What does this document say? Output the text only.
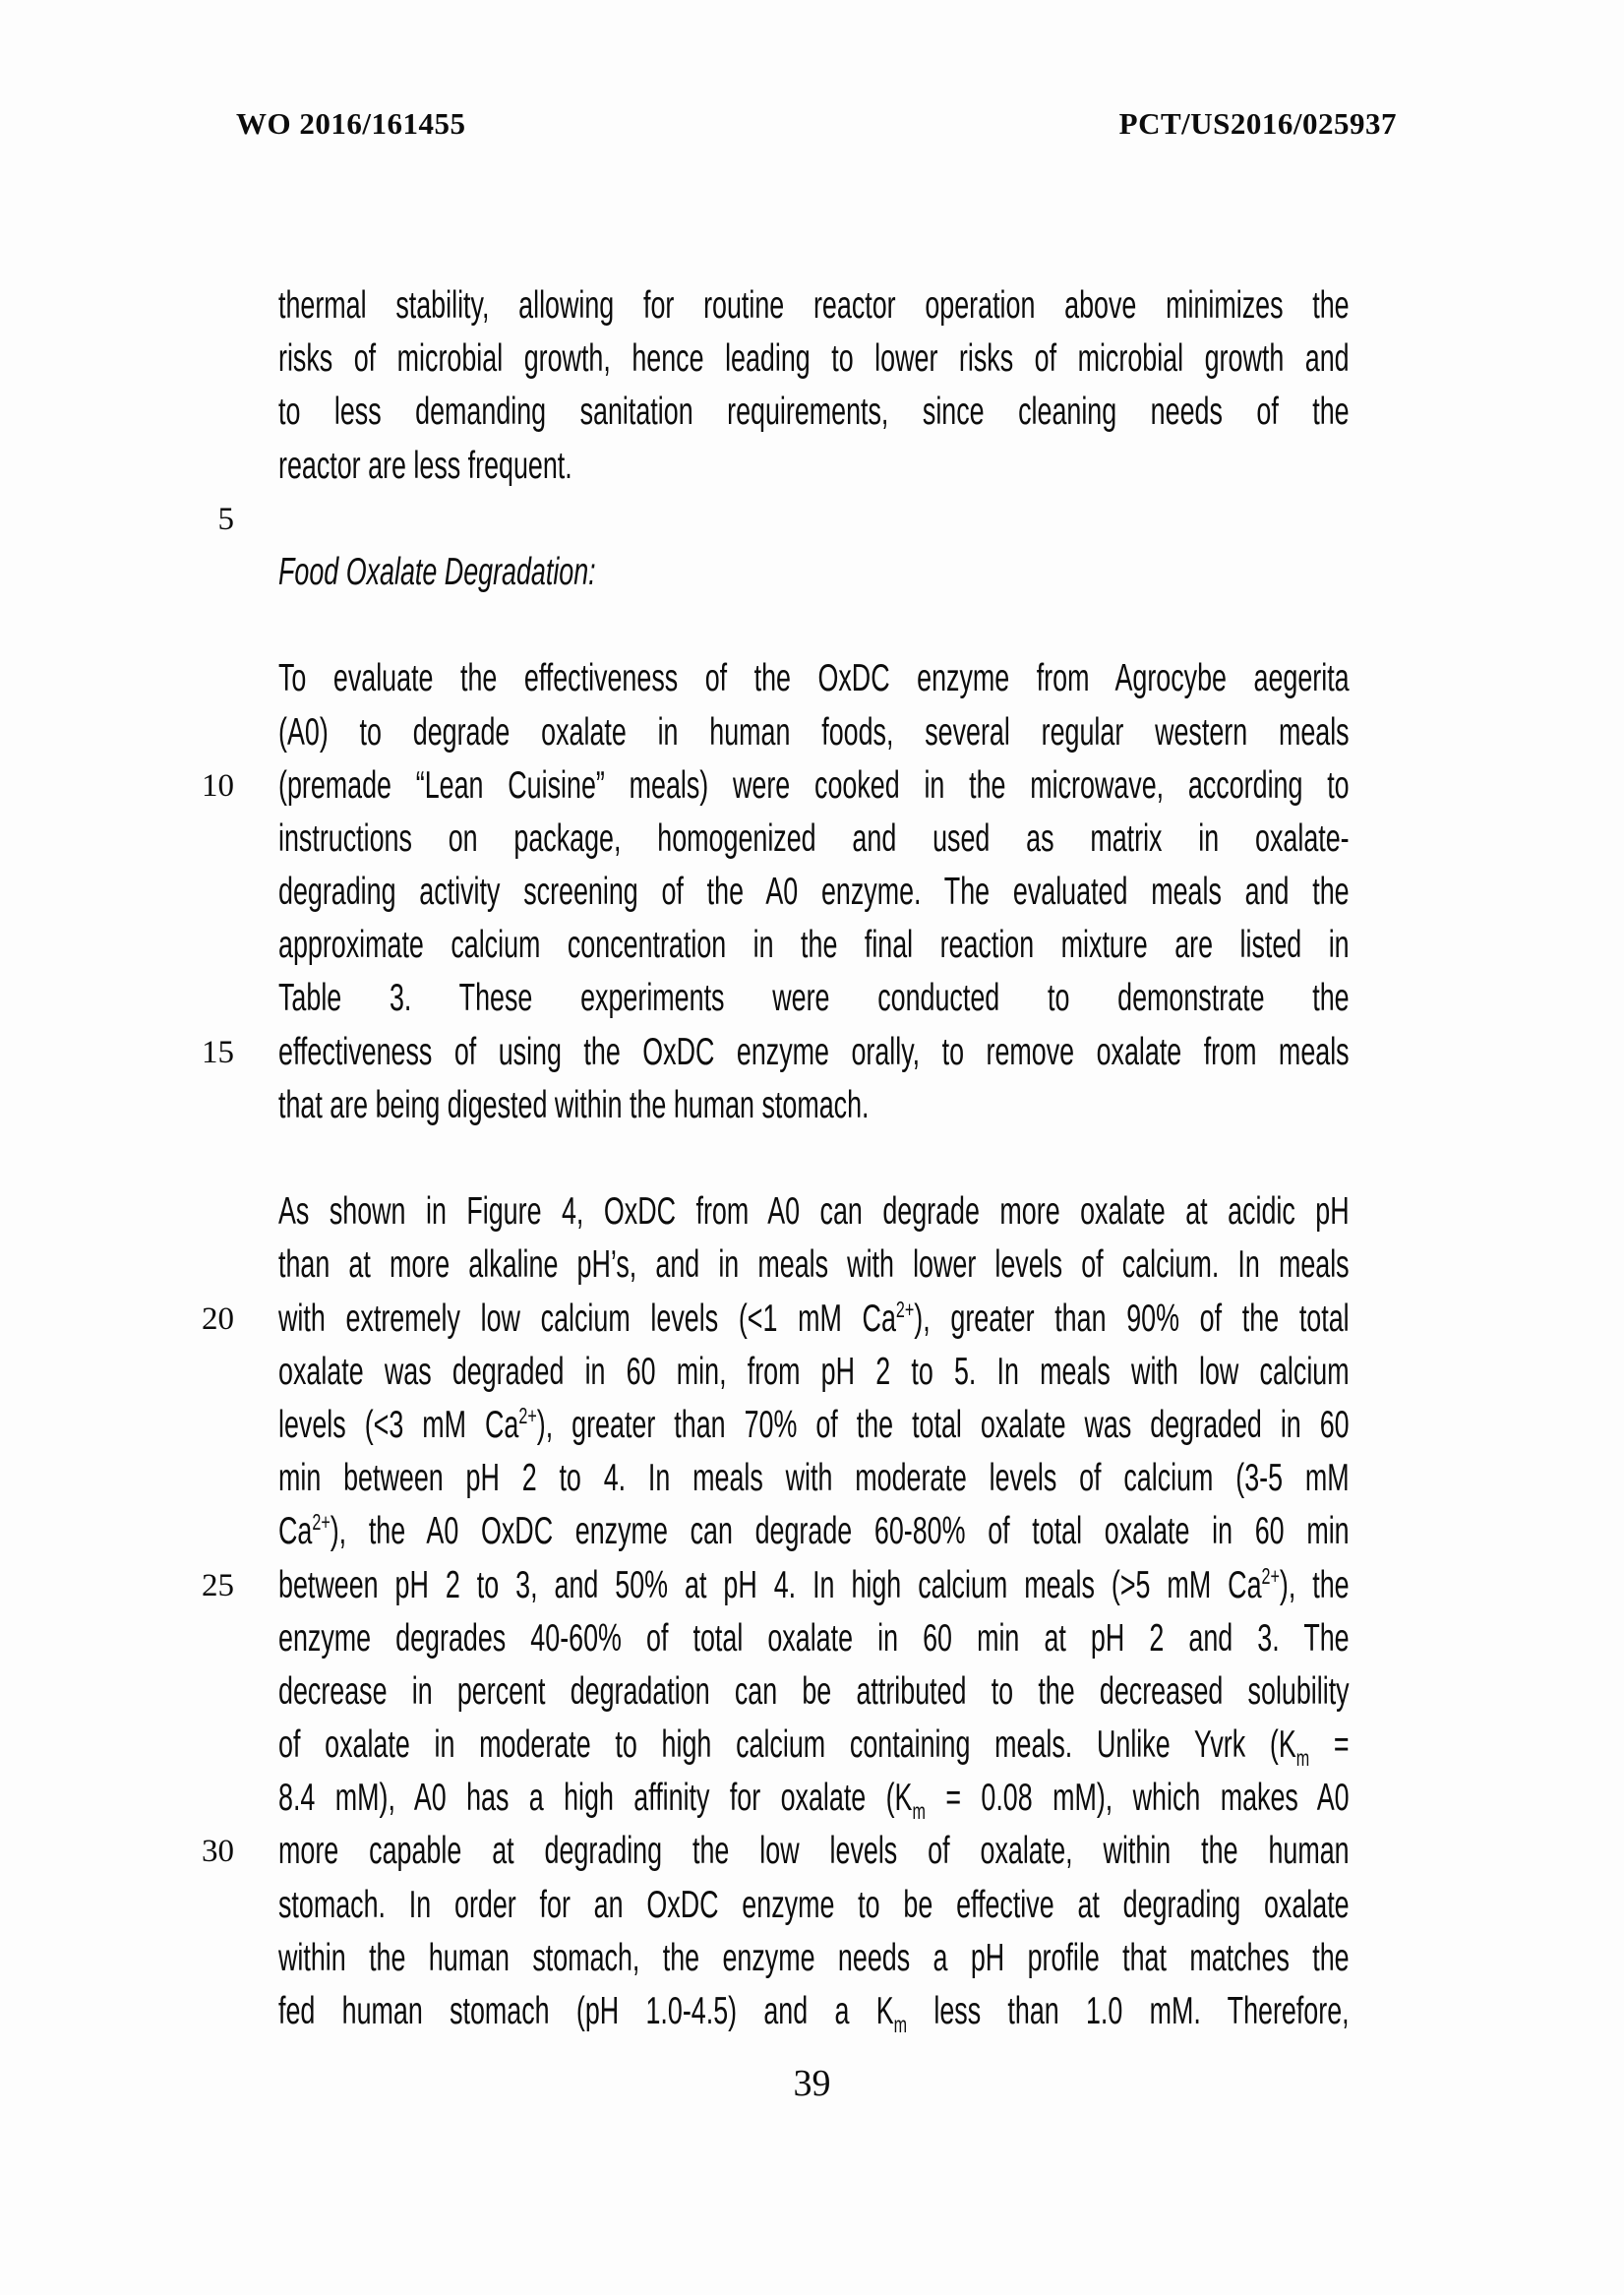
WO 2016/161455	PCT/US2016/025937
thermal stability, allowing for routine reactor operation above minimizes the
risks of microbial growth, hence leading to lower risks of microbial growth and
to less demanding sanitation requirements, since cleaning needs of the
reactor are less frequent.
5
Food Oxalate Degradation:
To evaluate the effectiveness of the OxDC enzyme from Agrocybe aegerita
(A0) to degrade oxalate in human foods, several regular western meals
10 (premade “Lean Cuisine” meals) were cooked in the microwave, according to
instructions on package, homogenized and used as matrix in oxalate-
degrading activity screening of the A0 enzyme. The evaluated meals and the
approximate calcium concentration in the final reaction mixture are listed in
Table 3. These experiments were conducted to demonstrate the
15 effectiveness of using the OxDC enzyme orally, to remove oxalate from meals
that are being digested within the human stomach.
As shown in Figure 4, OxDC from A0 can degrade more oxalate at acidic pH
than at more alkaline pH’s, and in meals with lower levels of calcium. In meals
20 with extremely low calcium levels (<1 mM $Ca^{2+}$), greater than 90% of the total
oxalate was degraded in 60 min, from pH 2 to 5. In meals with low calcium
levels (<3 mM $Ca^{2+}$), greater than 70% of the total oxalate was degraded in 60
min between pH 2 to 4. In meals with moderate levels of calcium (3-5 mM
$Ca^{2+}$), the A0 OxDC enzyme can degrade 60-80% of total oxalate in 60 min
25 between pH 2 to 3, and 50% at pH 4. In high calcium meals (>5 mM $Ca^{2+}$), the
enzyme degrades 40-60% of total oxalate in 60 min at pH 2 and 3. The
decrease in percent degradation can be attributed to the decreased solubility
of oxalate in moderate to high calcium containing meals. Unlike Yvrk ($K_m$ =
8.4 mM), A0 has a high affinity for oxalate ($K_m = 0.08$ mM), which makes A0
30 more capable at degrading the low levels of oxalate, within the human
stomach. In order for an OxDC enzyme to be effective at degrading oxalate
within the human stomach, the enzyme needs a pH profile that matches the
fed human stomach (pH 1.0-4.5) and a $K_m$ less than 1.0 mM. Therefore,
39
